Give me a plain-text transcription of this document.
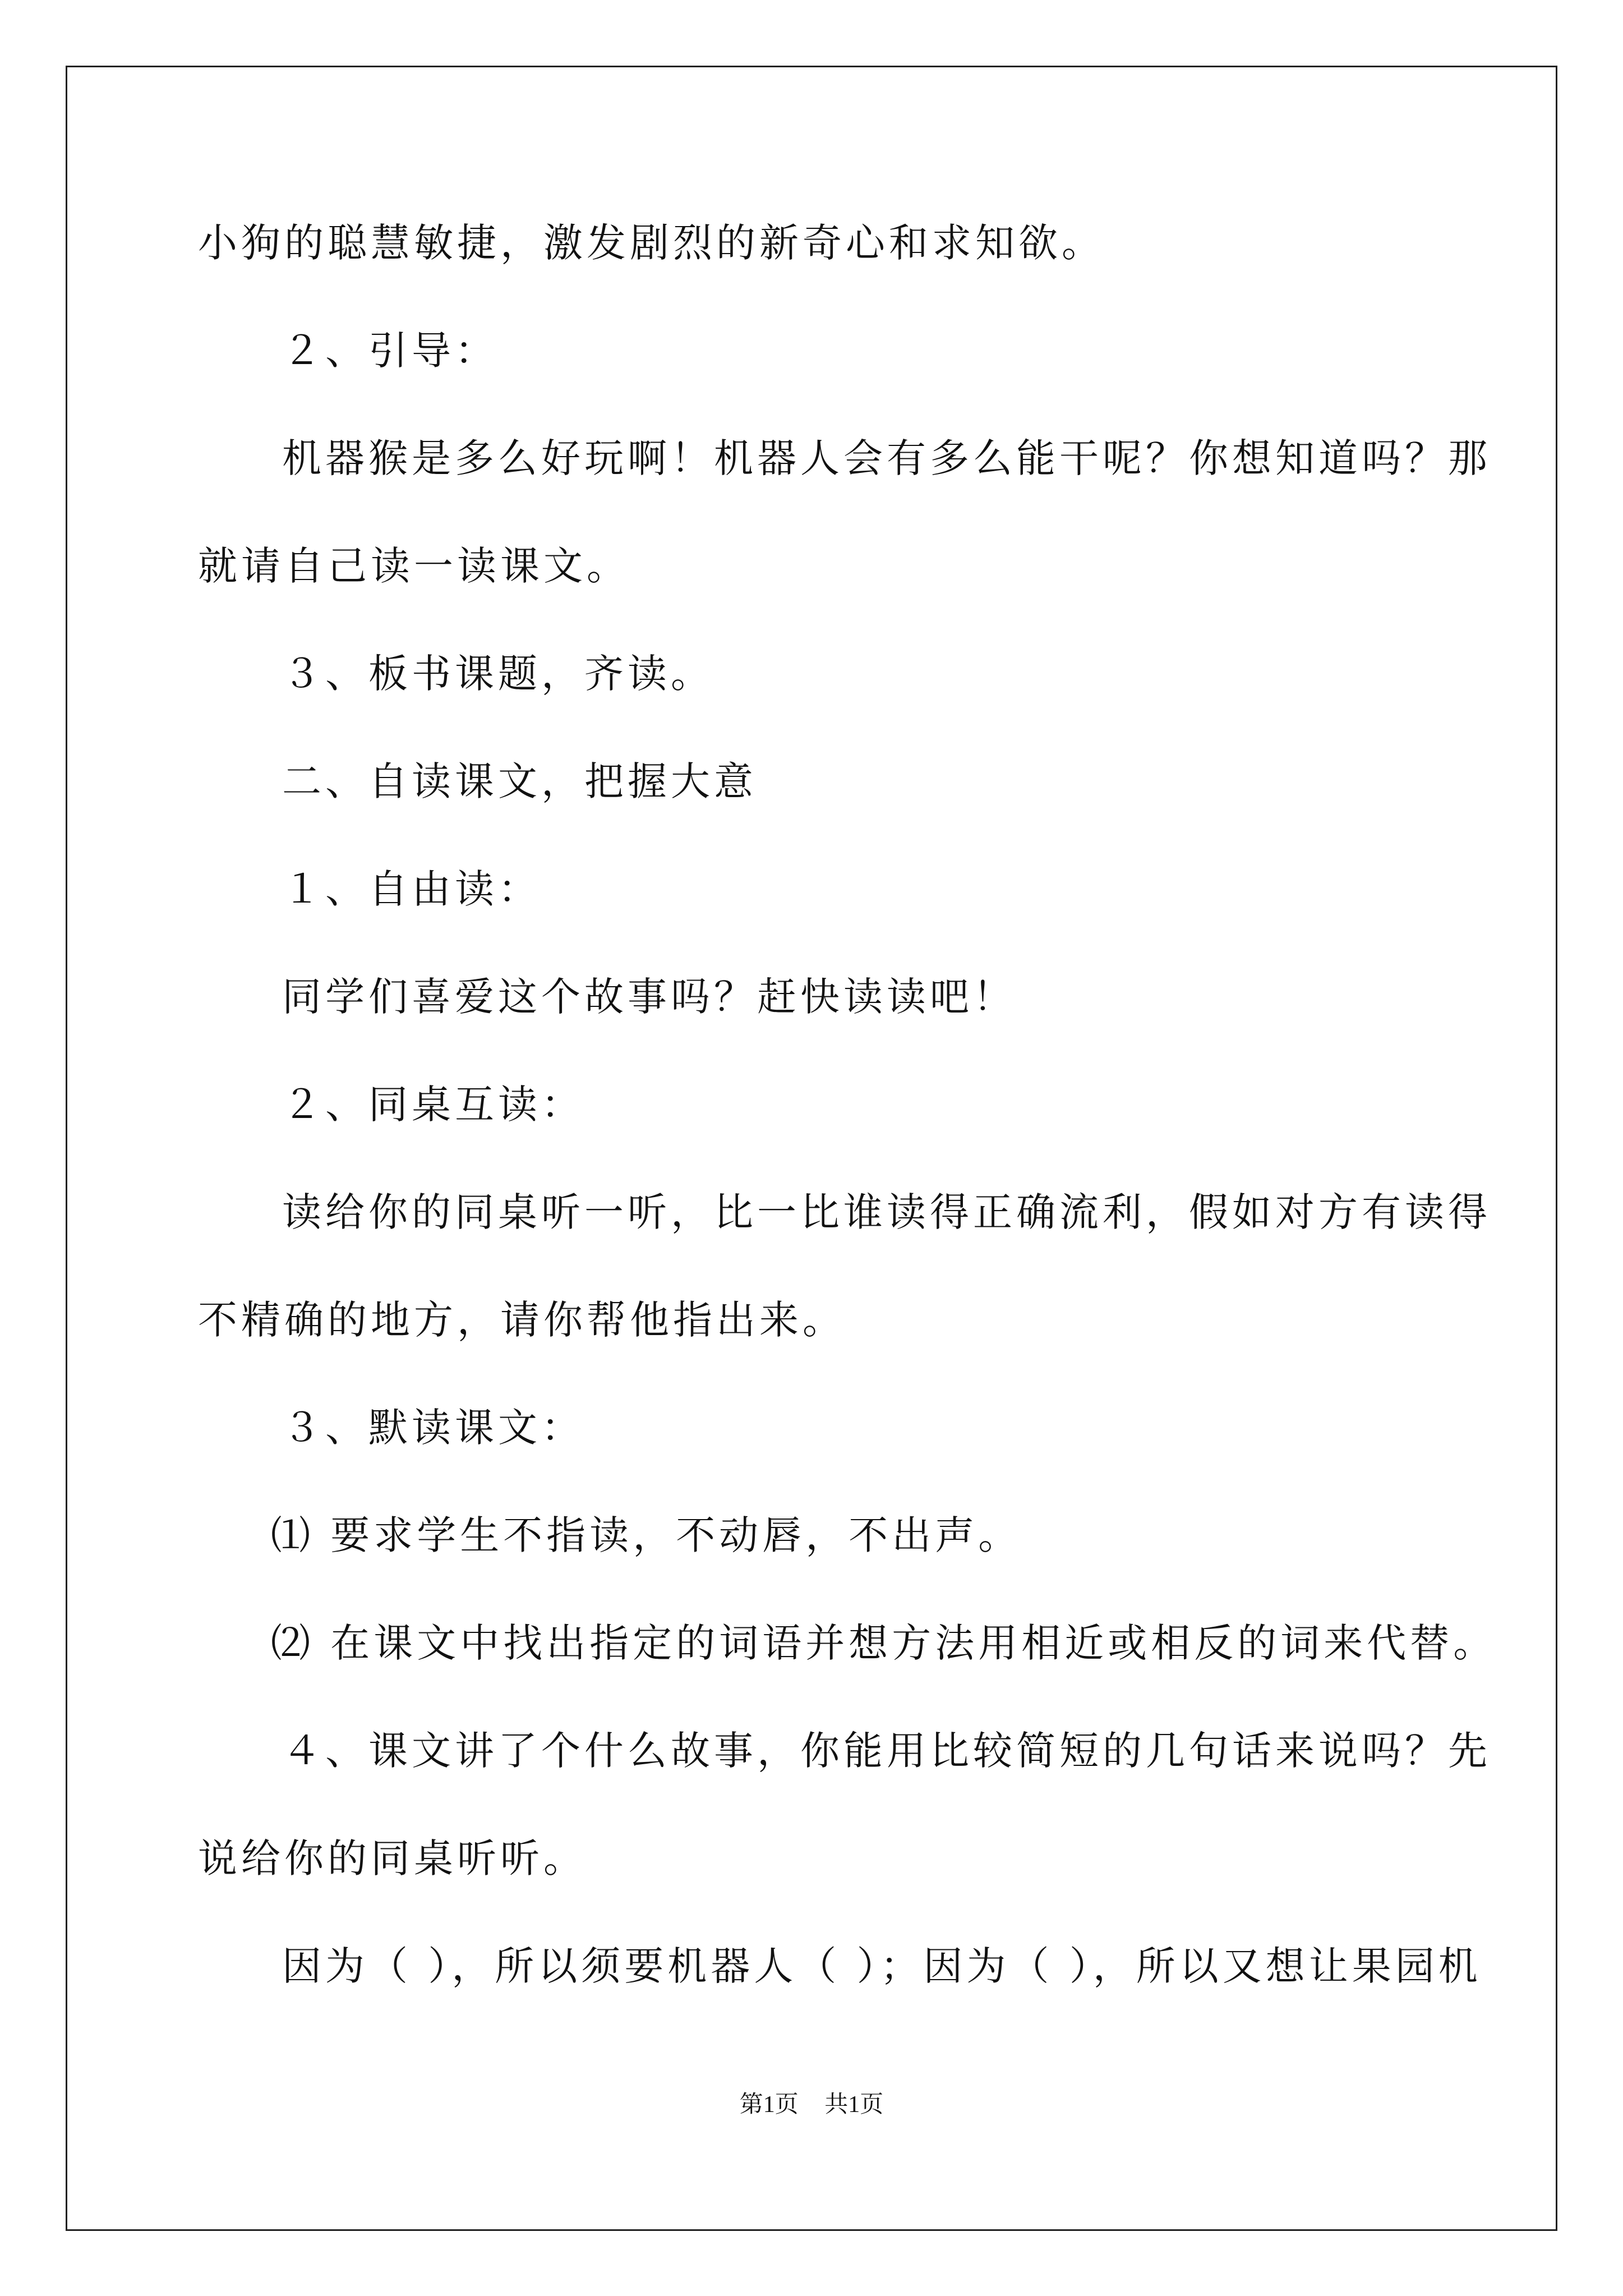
小狗的聪慧敏捷，激发剧烈的新奇心和求知欲。
２、引导：
机器猴是多么好玩啊！机器人会有多么能干呢？你想知道吗？那
就请自己读一读课文。
３、板书课题，齐读。
二、自读课文，把握大意
１、自由读：
同学们喜爱这个故事吗？赶快读读吧！
２、同桌互读：
读给你的同桌听一听，比一比谁读得正确流利，假如对方有读得
不精确的地方，请你帮他指出来。
３、默读课文：
⑴ 要求学生不指读，不动唇，不出声。
⑵ 在课文中找出指定的词语并想方法用相近或相反的词来代替。
４、课文讲了个什么故事，你能用比较简短的几句话来说吗？先
说给你的同桌听听。
因为（ ），所以须要机器人（ ）；因为（ ），所以又想让果园机
第1页 共1页
